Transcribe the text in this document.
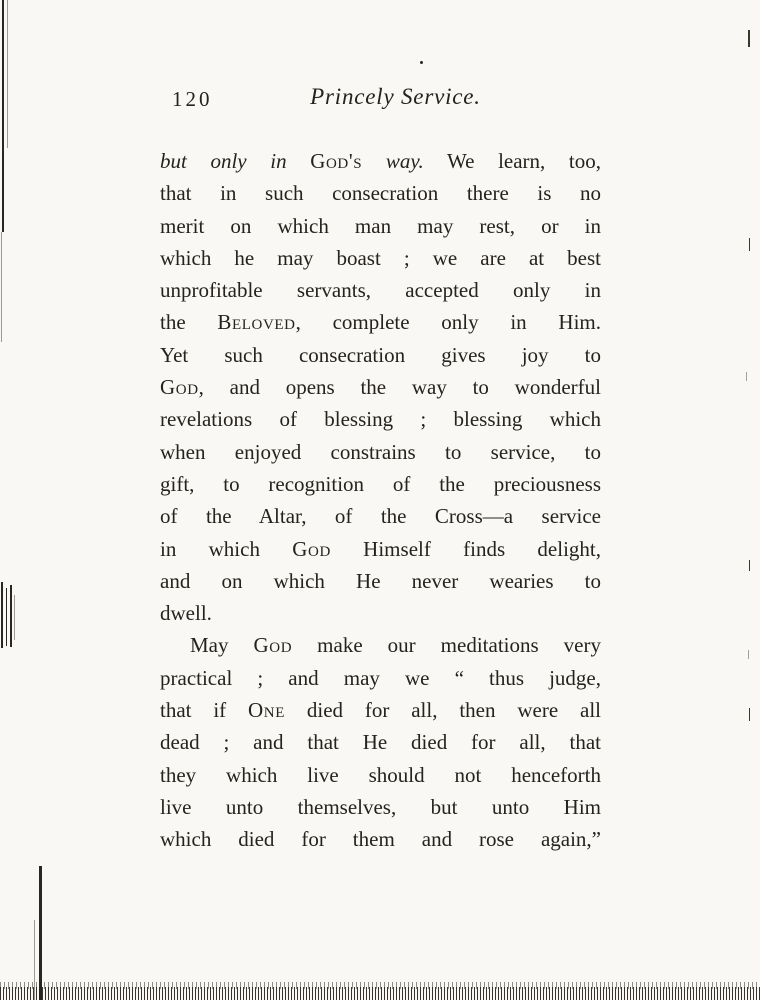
120	Princely Service.
but only in God's way. We learn, too,
that in such consecration there is no
merit on which man may rest, or in
which he may boast ; we are at best
unprofitable servants, accepted only in
the Beloved, complete only in Him.
Yet such consecration gives joy to
God, and opens the way to wonderful
revelations of blessing ; blessing which
when enjoyed constrains to service, to
gift, to recognition of the preciousness
of the Altar, of the Cross—a service
in which God Himself finds delight,
and on which He never wearies to
dwell.
May God make our meditations very
practical ; and may we “ thus judge,
that if One died for all, then were all
dead ; and that He died for all, that
they which live should not henceforth
live unto themselves, but unto Him
which died for them and rose again,”
